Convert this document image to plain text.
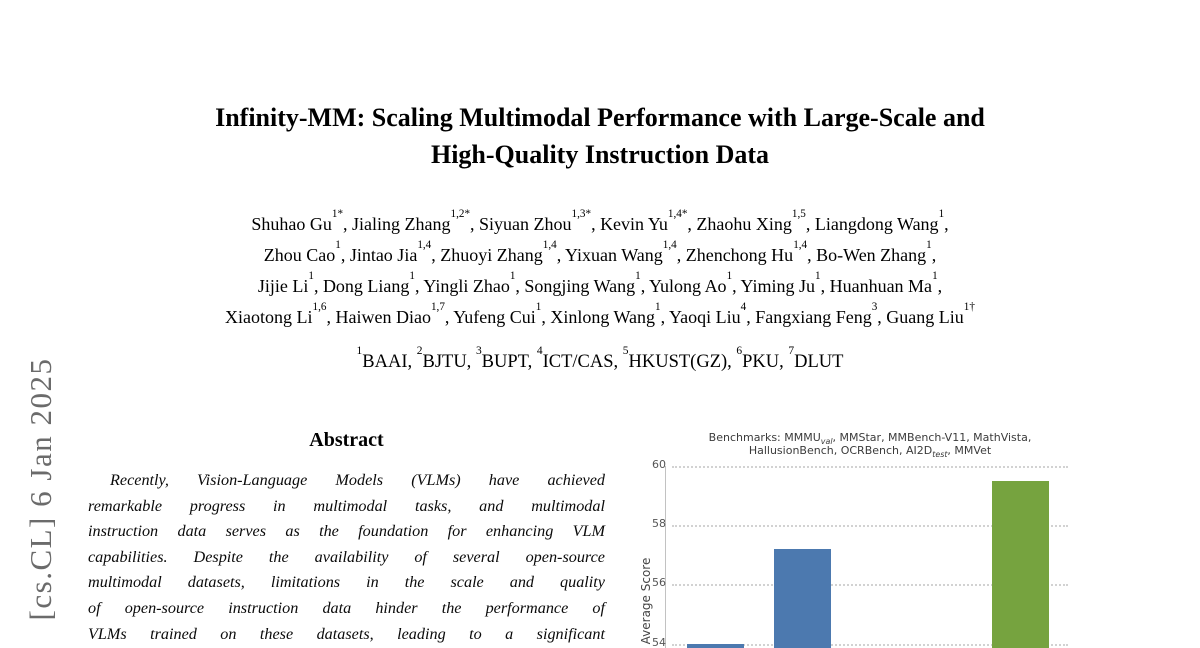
[cs.CL] 6 Jan 2025
Infinity-MM: Scaling Multimodal Performance with Large-Scale and
High-Quality Instruction Data
Shuhao $Gu^{1*}$, Jialing Zhang$^{1,2*}$, Siyuan Zhou$^{1,3*}$, Kevin $Yu^{1,4*}$, Zhaohu Xing$^{1,5}$, Liangdong Wang$^1$,
Zhou Cao$^1$, Jintao Jia$^{1,4}$, Zhuoyi Zhang$^{1,4}$, Yixuan Wang$^{1,4}$, Zhenchong Hu$^{1,4}$, Bo-Wen Zhang$^1$,
Jijie Li$^1$, Dong Liang$^1$, Yingli Zhao$^1$, Songjing Wang$^1$, Yulong Ao$^1$, Yiming Ju$^1$, Huanhuan Ma$^1$,
Xiaotong Li$^{1,6}$, Haiwen Diao$^{1,7}$, Yufeng Cui$^1$, Xinlong Wang$^1$, Yaoqi Liu$^4$, Fangxiang Feng$^3$, Guang Liu$^{1\dagger}$
$^1$BAAI, $^2$BJTU, $^3$BUPT, $^4$ICT/CAS, $^5$HKUST(GZ), $^6$PKU, $^7$DLUT
Abstract
Recently, Vision-Language Models (VLMs) have achieved
remarkable progress in multimodal tasks, and multimodal
instruction data serves as the foundation for enhancing VLM
capabilities. Despite the availability of several open-source
multimodal datasets, limitations in the scale and quality
of open-source instruction data hinder the performance of
VLMs trained on these datasets, leading to a significant
Benchmarks: $MMMU_{val}$, MMStar, MMBench-V11, MathVista,
HallusionBench, OCRBench, $AI2D_{test}$, MMVet
Average Score
60
58
56
54
